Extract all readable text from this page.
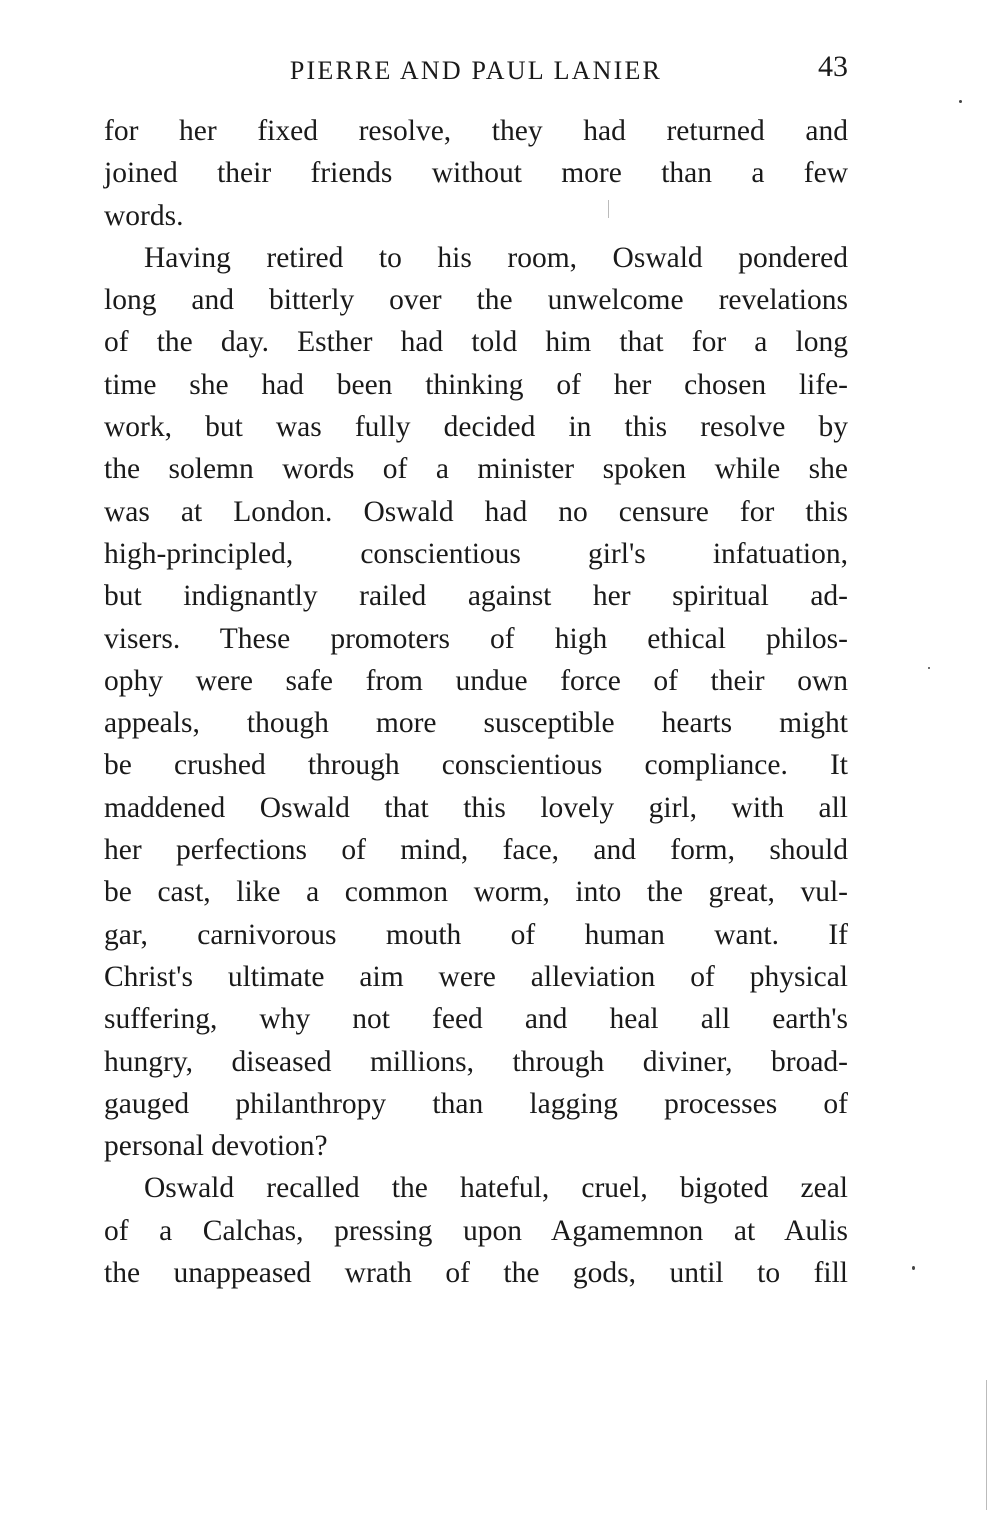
PIERRE AND PAUL LANIER	43
for her fixed resolve, they had returned and
joined their friends without more than a few
words.
Having retired to his room, Oswald pondered
long and bitterly over the unwelcome revelations
of the day. Esther had told him that for a long
time she had been thinking of her chosen life-
work, but was fully decided in this resolve by
the solemn words of a minister spoken while she
was at London. Oswald had no censure for this
high-principled, conscientious girl's infatuation,
but indignantly railed against her spiritual ad-
visers. These promoters of high ethical philos-
ophy were safe from undue force of their own
appeals, though more susceptible hearts might
be crushed through conscientious compliance. It
maddened Oswald that this lovely girl, with all
her perfections of mind, face, and form, should
be cast, like a common worm, into the great, vul-
gar, carnivorous mouth of human want. If
Christ's ultimate aim were alleviation of physical
suffering, why not feed and heal all earth's
hungry, diseased millions, through diviner, broad-
gauged philanthropy than lagging processes of
personal devotion?
Oswald recalled the hateful, cruel, bigoted zeal
of a Calchas, pressing upon Agamemnon at Aulis
the unappeased wrath of the gods, until to fill
